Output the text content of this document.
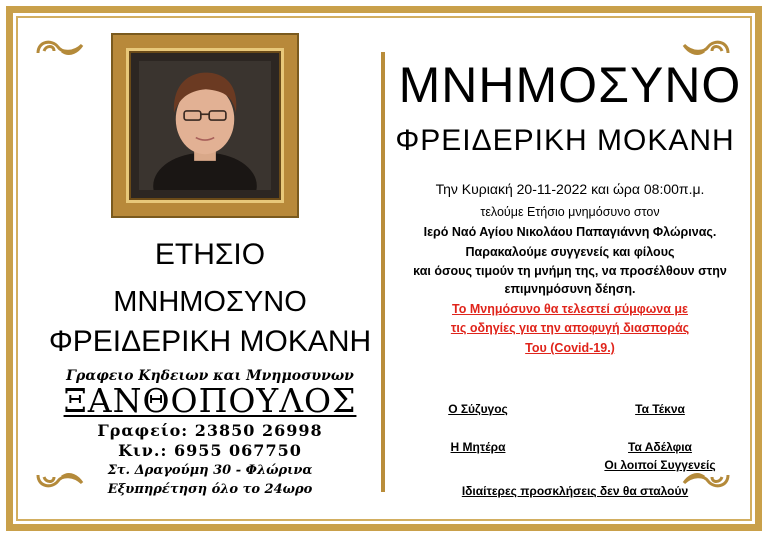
ΕΤΗΣΙΟ
ΜΝΗΜΟΣΥΝΟ
ΦΡΕΙΔΕΡΙΚΗ ΜΟΚΑΝΗ
Γραφειο Κηδειων και Μνημοσυνων
ΞΑΝΘΟΠΟΥΛΟΣ
Γραφείο: 23850 26998
Κιν.: 6955 067750
Στ. Δραγούμη 30 - Φλώρινα
Εξυπηρέτηση όλο το 24ωρο
ΜΝΗΜΟΣΥΝΟ
ΦΡΕΙΔΕΡΙΚΗ ΜΟΚΑΝΗ
Την Κυριακή 20-11-2022 και ώρα 08:00π.μ.
τελούμε Ετήσιο μνημόσυνο στον
Ιερό Ναό Αγίου Νικολάου Παπαγιάννη Φλώρινας.
Παρακαλούμε συγγενείς και φίλους
και όσους τιμούν τη μνήμη της, να προσέλθουν στην
επιμνημόσυνη δέηση.
Το Μνημόσυνο θα τελεστεί σύμφωνα με
τις οδηγίες για την αποφυγή διασποράς
Του (Covid-19.)
Ο Σύζυγος	Τα Τέκνα
Η Μητέρα	Τα Αδέλφια
Οι λοιποί Συγγενείς
Ιδιαίτερες προσκλήσεις δεν θα σταλούν
